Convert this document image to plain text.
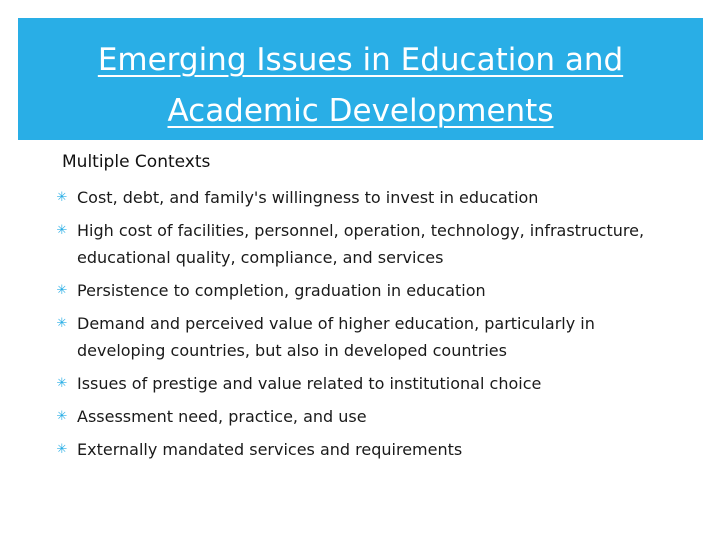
Emerging Issues in Education and
Academic Developments
Multiple Contexts
✳ Cost, debt, and family's willingness to invest in education
✳ High cost of facilities, personnel, operation, technology, infrastructure, educational quality, compliance, and services
✳ Persistence to completion, graduation in education
✳ Demand and perceived value of higher education, particularly in developing countries, but also in developed countries
✳ Issues of prestige and value related to institutional choice
✳ Assessment need, practice, and use
✳ Externally mandated services and requirements
